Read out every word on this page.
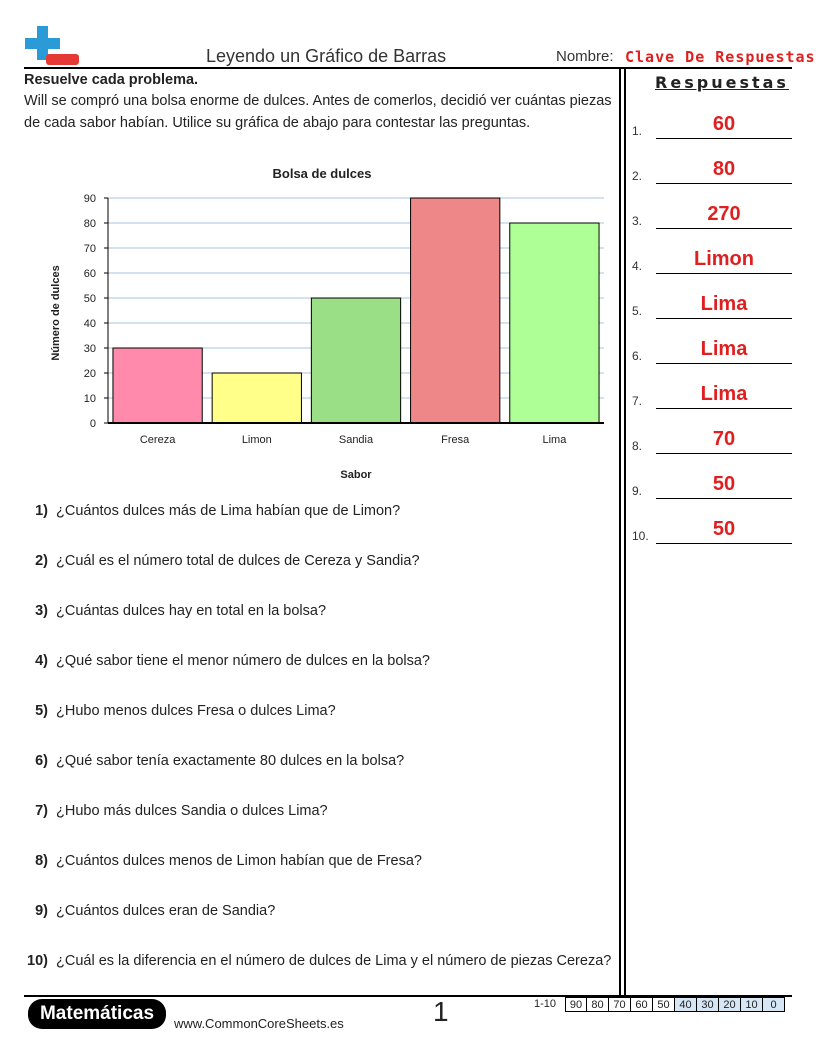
Leyendo un Gráfico de Barras	Nombre: Clave De Respuestas
Resuelve cada problema.
Will se compró una bolsa enorme de dulces. Antes de comerlos, decidió ver cuántas piezas de cada sabor habían. Utilice su gráfica de abajo para contestar las preguntas.
Bolsa de dulces
0
10
20
30
40
50
60
70
80
90
Cereza	Limon	Sandia	Fresa	Lima
Número de dulces
Sabor
1) ¿Cuántos dulces más de Lima habían que de Limon?
2) ¿Cuál es el número total de dulces de Cereza y Sandia?
3) ¿Cuántas dulces hay en total en la bolsa?
4) ¿Qué sabor tiene el menor número de dulces en la bolsa?
5) ¿Hubo menos dulces Fresa o dulces Lima?
6) ¿Qué sabor tenía exactamente 80 dulces en la bolsa?
7) ¿Hubo más dulces Sandia o dulces Lima?
8) ¿Cuántos dulces menos de Limon habían que de Fresa?
9) ¿Cuántos dulces eran de Sandia?
10) ¿Cuál es la diferencia en el número de dulces de Lima y el número de piezas Cereza?
Respuestas
1.	60
2.	80
3.	270
4.	Limon
5.	Lima
6.	Lima
7.	Lima
8.	70
9.	50
10.	50
Matemáticas	www.CommonCoreSheets.es	1	1-10	90 80 70 60 50 40 30 20 10	0
